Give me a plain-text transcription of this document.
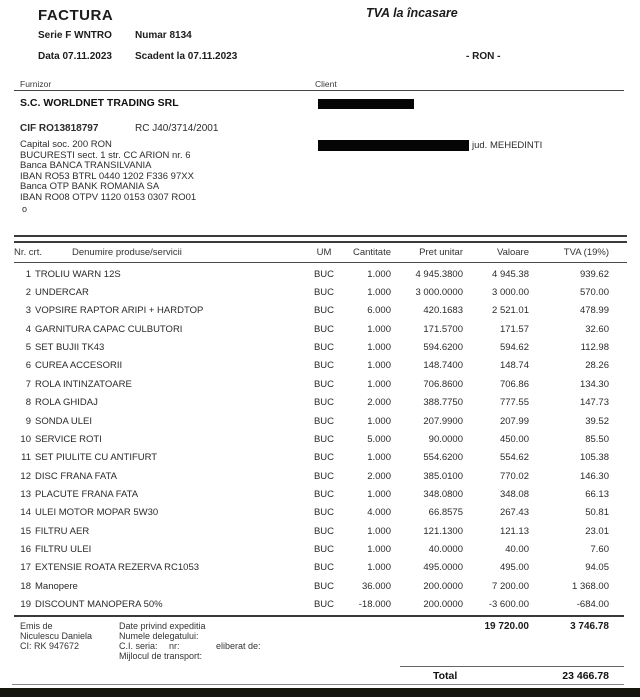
FACTURA	TVA la încasare
Serie F WNTRO Numar 8134
Data 07.11.2023 Scadent la 07.11.2023	- RON -
Furnizor	Client
S.C. WORLDNET TRADING SRL
CIF RO13818797	RC J40/3714/2001
Capital soc. 200 RON
BUCURESTI sect. 1 str. CC ARION nr. 6
Banca BANCA TRANSILVANIA
IBAN RO53 BTRL 0440 1202 F336 97XX
Banca OTP BANK ROMANIA SA
IBAN RO08 OTPV 1120 0153 0307 RO01
o
jud. MEHEDINTI
Nr. crt.	Denumire produse/servicii	UM	Cantitate	Pret unitar	Valoare	TVA (19%)
1 TROLIU WARN 12S	BUC	1.000	4 945.3800	4 945.38	939.62
2 UNDERCAR	BUC	1.000	3 000.0000	3 000.00	570.00
3 VOPSIRE RAPTOR ARIPI + HARDTOP	BUC	6.000	420.1683	2 521.01	478.99
4 GARNITURA CAPAC CULBUTORI	BUC	1.000	171.5700	171.57	32.60
5 SET BUJII TK43	BUC	1.000	594.6200	594.62	112.98
6 CUREA ACCESORII	BUC	1.000	148.7400	148.74	28.26
7 ROLA INTINZATOARE	BUC	1.000	706.8600	706.86	134.30
8 ROLA GHIDAJ	BUC	2.000	388.7750	777.55	147.73
9 SONDA ULEI	BUC	1.000	207.9900	207.99	39.52
10 SERVICE ROTI	BUC	5.000	90.0000	450.00	85.50
11 SET PIULITE CU ANTIFURT	BUC	1.000	554.6200	554.62	105.38
12 DISC FRANA FATA	BUC	2.000	385.0100	770.02	146.30
13 PLACUTE FRANA FATA	BUC	1.000	348.0800	348.08	66.13
14 ULEI MOTOR MOPAR 5W30	BUC	4.000	66.8575	267.43	50.81
15 FILTRU AER	BUC	1.000	121.1300	121.13	23.01
16 FILTRU ULEI	BUC	1.000	40.0000	40.00	7.60
17 EXTENSIE ROATA REZERVA RC1053	BUC	1.000	495.0000	495.00	94.05
18 Manopere	BUC	36.000	200.0000	7 200.00	1 368.00
19 DISCOUNT MANOPERA 50%	BUC	-18.000	200.0000	-3 600.00	-684.00
Emis de
Niculescu Daniela
CI: RK 947672
Date privind expeditia
Numele delegatului:
C.I. seria: nr:	eliberat de:
Mijlocul de transport:
19 720.00	3 746.78
Total	23 466.78
